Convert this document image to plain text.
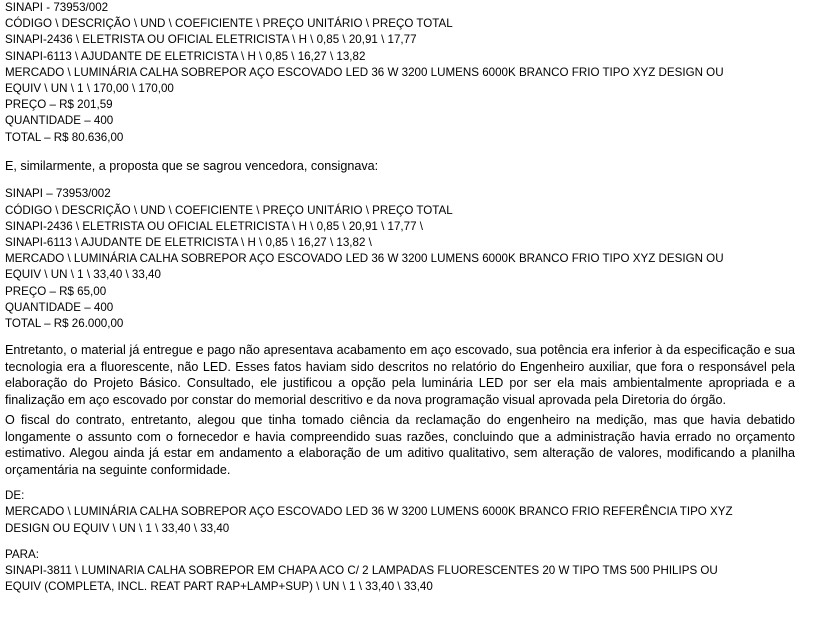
SINAPI - 73953/002

CÓDIGO \ DESCRIÇÃO \ UND \ COEFICIENTE \ PREÇO UNITÁRIO \ PREÇO TOTAL

SINAPI-2436 \ ELETRISTA OU OFICIAL ELETRICISTA \ H \ 0,85 \ 20,91 \ 17,77

SINAPI-6113 \ AJUDANTE DE ELETRICISTA \ H \ 0,85 \ 16,27 \ 13,82

MERCADO \ LUMINÁRIA CALHA SOBREPOR AÇO ESCOVADO LED 36 W 3200 LUMENS 6000K BRANCO FRIO TIPO XYZ DESIGN OU

EQUIV \ UN \ 1 \ 170,00 \ 170,00

PREÇO – R$ 201,59

QUANTIDADE – 400

TOTAL – R$ 80.636,00

E, similarmente, a proposta que se sagrou vencedora, consignava:

SINAPI – 73953/002

CÓDIGO \ DESCRIÇÃO \ UND \ COEFICIENTE \ PREÇO UNITÁRIO \ PREÇO TOTAL

SINAPI-2436 \ ELETRISTA OU OFICIAL ELETRICISTA \ H \ 0,85 \ 20,91 \ 17,77 \

SINAPI-6113 \ AJUDANTE DE ELETRICISTA \ H \ 0,85 \ 16,27 \ 13,82 \

MERCADO \ LUMINÁRIA CALHA SOBREPOR AÇO ESCOVADO LED 36 W 3200 LUMENS 6000K BRANCO FRIO TIPO XYZ DESIGN OU

EQUIV \ UN \ 1 \ 33,40 \ 33,40

PREÇO – R$ 65,00

QUANTIDADE – 400

TOTAL – R$ 26.000,00

Entretanto, o material já entregue e pago não apresentava acabamento em aço escovado, sua potência era inferior à da especificação e sua tecnologia era a fluorescente, não LED. Esses fatos haviam sido descritos no relatório do Engenheiro auxiliar, que fora o responsável pela elaboração do Projeto Básico. Consultado, ele justificou a opção pela luminária LED por ser ela mais ambientalmente apropriada e a finalização em aço escovado por constar do memorial descritivo e da nova programação visual aprovada pela Diretoria do órgão.

O fiscal do contrato, entretanto, alegou que tinha tomado ciência da reclamação do engenheiro na medição, mas que havia debatido longamente o assunto com o fornecedor e havia compreendido suas razões, concluindo que a administração havia errado no orçamento estimativo. Alegou ainda já estar em andamento a elaboração de um aditivo qualitativo, sem alteração de valores, modificando a planilha orçamentária na seguinte conformidade.

DE:

MERCADO \ LUMINÁRIA CALHA SOBREPOR AÇO ESCOVADO LED 36 W 3200 LUMENS 6000K BRANCO FRIO REFERÊNCIA TIPO XYZ

DESIGN OU EQUIV \ UN \ 1 \ 33,40 \ 33,40

PARA:

SINAPI-3811 \ LUMINARIA CALHA SOBREPOR EM CHAPA ACO C/ 2 LAMPADAS FLUORESCENTES 20 W TIPO TMS 500 PHILIPS OU

EQUIV (COMPLETA, INCL. REAT PART RAP+LAMP+SUP) \ UN \ 1 \ 33,40 \ 33,40
